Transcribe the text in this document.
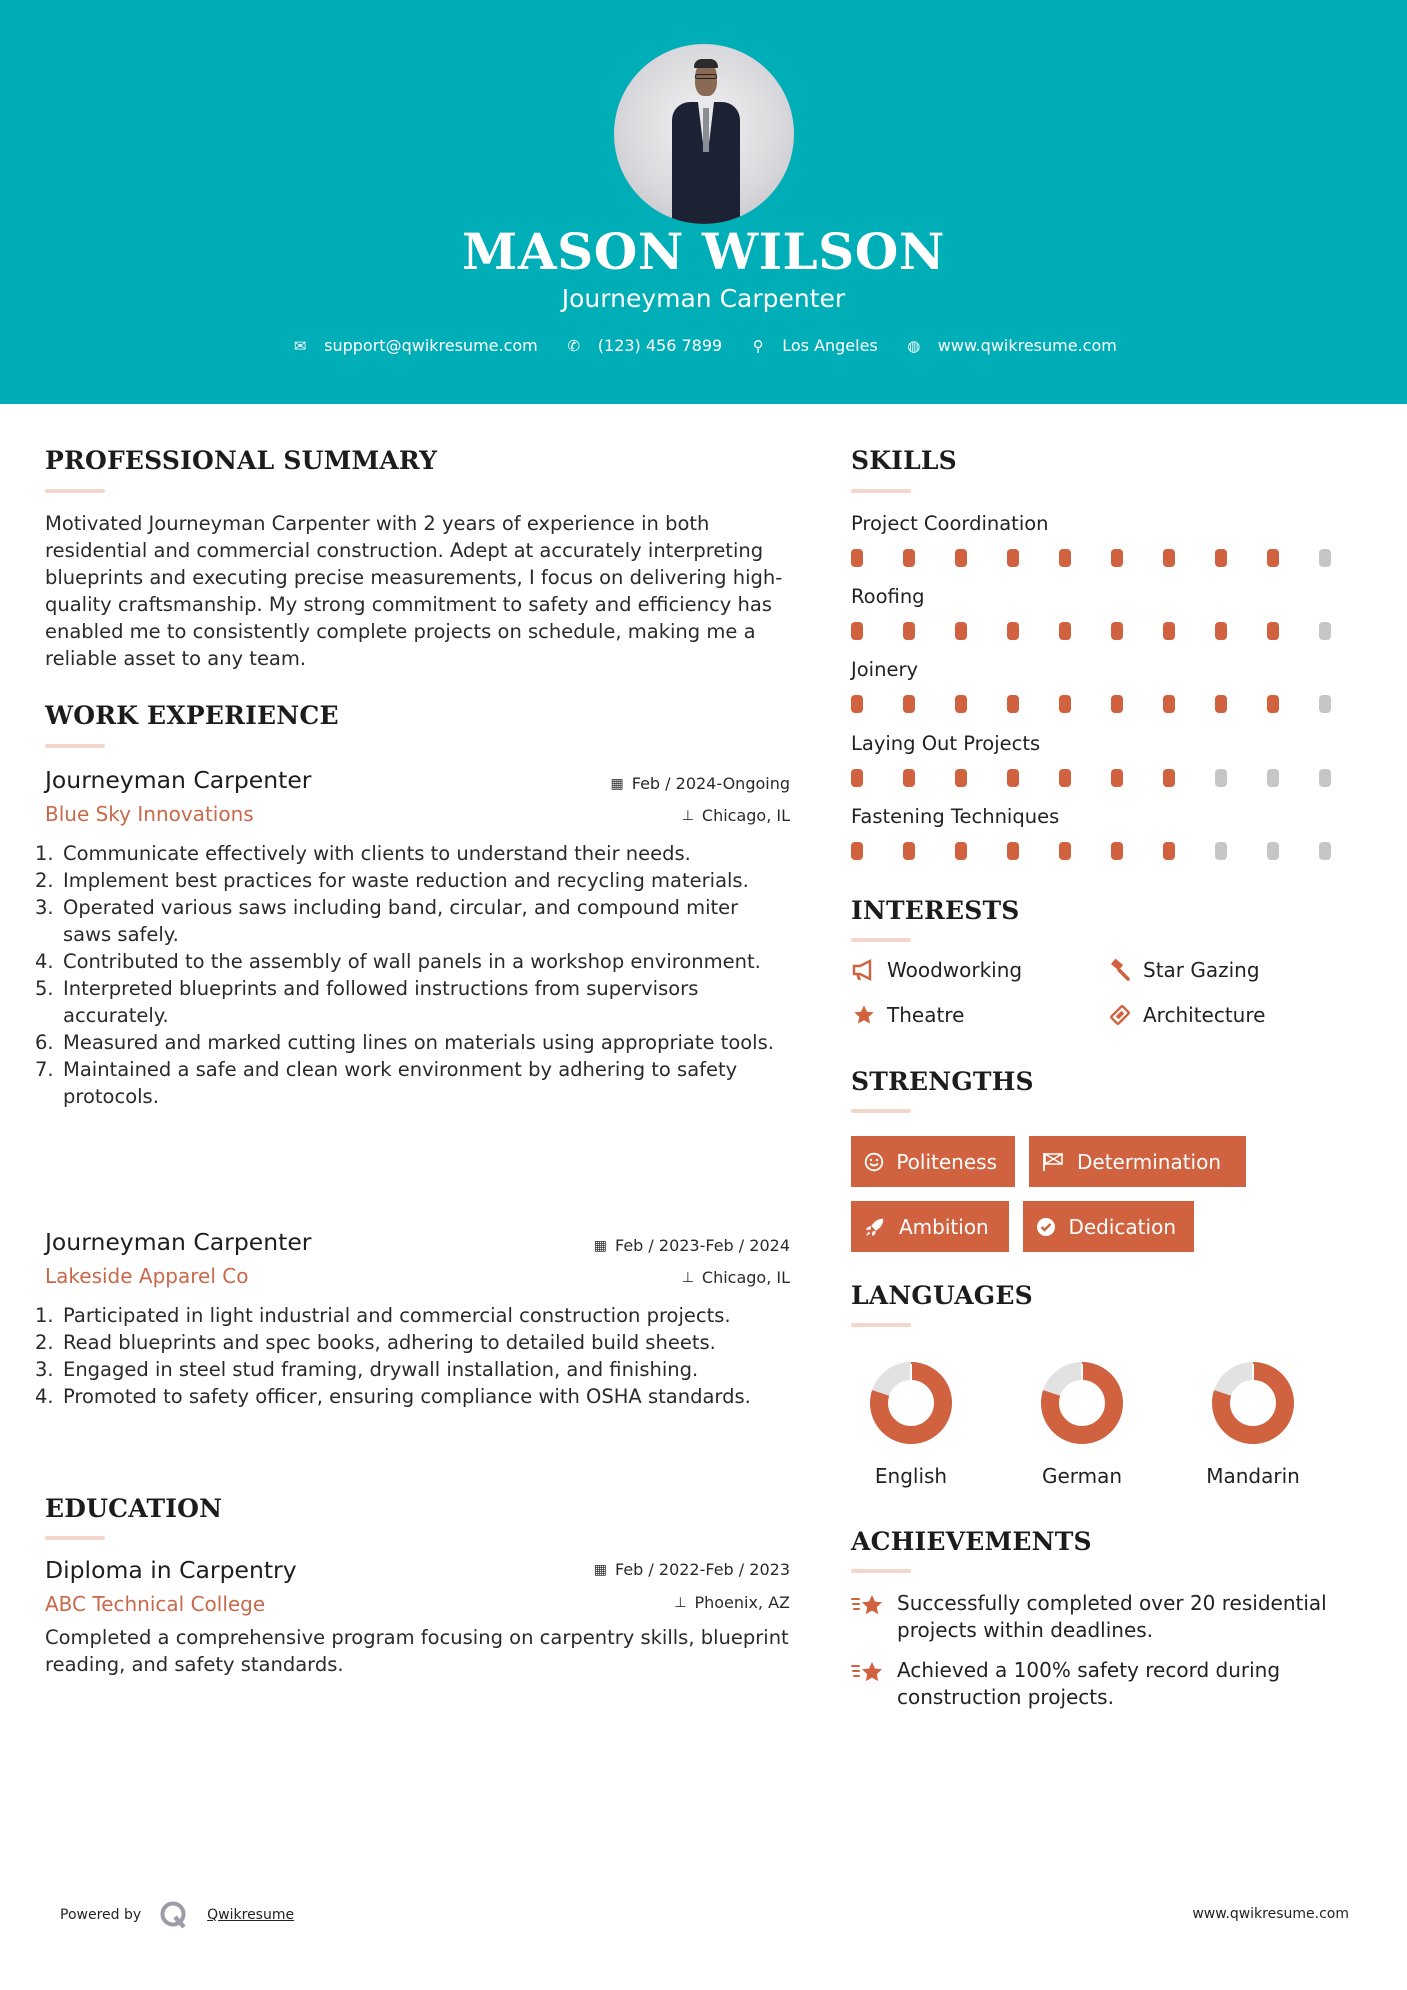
MASON WILSON
Journeyman Carpenter
✉ support@qwikresume.com ✆ (123) 456 7899	⚲ Los Angeles ◍ www.qwikresume.com
PROFESSIONAL SUMMARY
Motivated Journeyman Carpenter with 2 years of experience in both residential and commercial construction. Adept at accurately interpreting blueprints and executing precise measurements, I focus on delivering high-quality craftsmanship. My strong commitment to safety and efficiency has enabled me to consistently complete projects on schedule, making me a reliable asset to any team.
WORK EXPERIENCE
Journeyman Carpenter
Blue Sky Innovations
▦ Feb / 2024-Ongoing
⊥ Chicago, IL
1. Communicate effectively with clients to understand their needs.
2. Implement best practices for waste reduction and recycling materials.
3. Operated various saws including band, circular, and compound miter saws safely.
4. Contributed to the assembly of wall panels in a workshop environment.
5. Interpreted blueprints and followed instructions from supervisors accurately.
6. Measured and marked cutting lines on materials using appropriate tools.
7. Maintained a safe and clean work environment by adhering to safety protocols.
Journeyman Carpenter
Lakeside Apparel Co
▦ Feb / 2023-Feb / 2024
⊥ Chicago, IL
1. Participated in light industrial and commercial construction projects.
2. Read blueprints and spec books, adhering to detailed build sheets.
3. Engaged in steel stud framing, drywall installation, and finishing.
4. Promoted to safety officer, ensuring compliance with OSHA standards.
EDUCATION
Diploma in Carpentry
ABC Technical College
▦ Feb / 2022-Feb / 2023
⊥ Phoenix, AZ
Completed a comprehensive program focusing on carpentry skills, blueprint reading, and safety standards.
SKILLS
Project Coordination
Roofing
Joinery
Laying Out Projects
Fastening Techniques
INTERESTS
Woodworking	Star Gazing
Theatre	Architecture
STRENGTHS
Politeness	Determination
Ambition	Dedication
LANGUAGES
English	German	Mandarin
ACHIEVEMENTS
Successfully completed over 20 residential projects within deadlines.
Achieved a 100% safety record during construction projects.
Powered by	Qwikresume	www.qwikresume.com
